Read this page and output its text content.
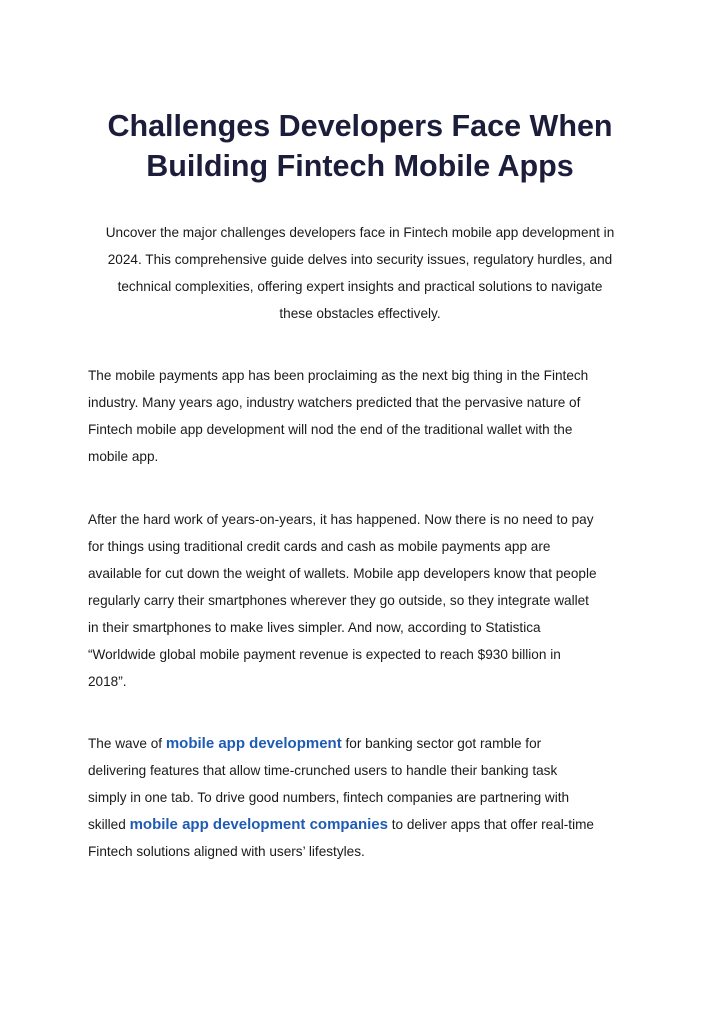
Challenges Developers Face When
Building Fintech Mobile Apps

Uncover the major challenges developers face in Fintech mobile app development in
2024. This comprehensive guide delves into security issues, regulatory hurdles, and
technical complexities, offering expert insights and practical solutions to navigate
these obstacles effectively.

The mobile payments app has been proclaiming as the next big thing in the Fintech
industry. Many years ago, industry watchers predicted that the pervasive nature of
Fintech mobile app development will nod the end of the traditional wallet with the
mobile app.

After the hard work of years-on-years, it has happened. Now there is no need to pay
for things using traditional credit cards and cash as mobile payments app are
available for cut down the weight of wallets. Mobile app developers know that people
regularly carry their smartphones wherever they go outside, so they integrate wallet
in their smartphones to make lives simpler. And now, according to Statistica
“Worldwide global mobile payment revenue is expected to reach $930 billion in
2018”.

The wave of mobile app development for banking sector got ramble for
delivering features that allow time-crunched users to handle their banking task
simply in one tab. To drive good numbers, fintech companies are partnering with
skilled mobile app development companies to deliver apps that offer real-time
Fintech solutions aligned with users’ lifestyles.
